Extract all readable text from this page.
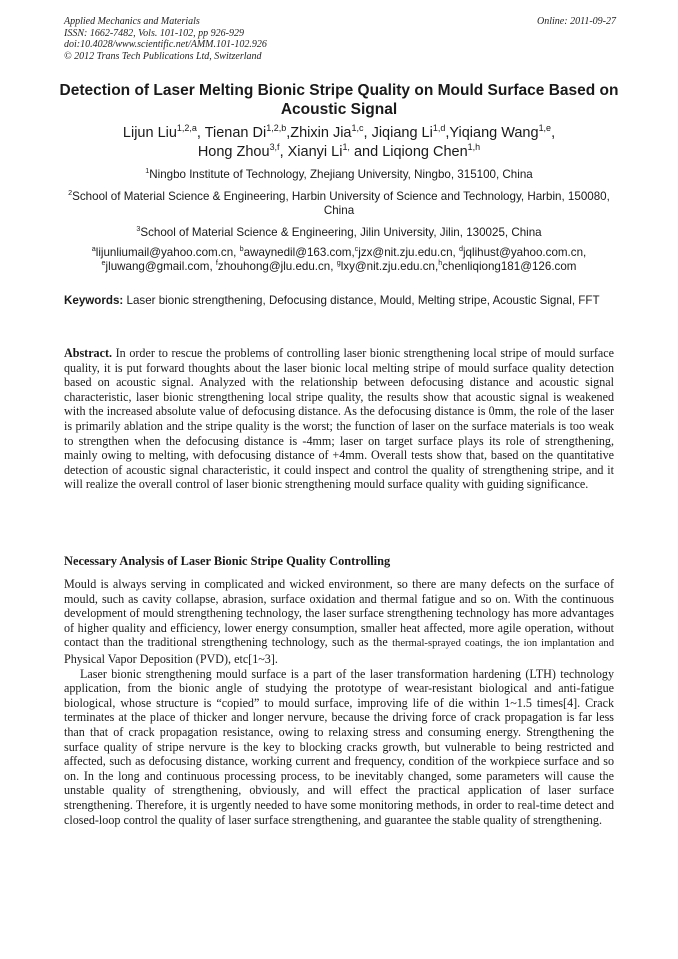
Applied Mechanics and Materials
ISSN: 1662-7482, Vols. 101-102, pp 926-929
doi:10.4028/www.scientific.net/AMM.101-102.926
© 2012 Trans Tech Publications Ltd, Switzerland
Online: 2011-09-27
Detection of Laser Melting Bionic Stripe Quality on Mould Surface Based on Acoustic Signal
Lijun Liu$^{1,2,a}$, Tienan Di$^{1,2,b}$,Zhixin Jia$^{1,c}$, Jiqiang Li$^{1,d}$,Yiqiang Wang$^{1,e}$,
Hong Zhou$^{3,f}$, Xianyi $Li^{1,}$ and Liqiong Chen$^{1,h}$
$^1$Ningbo Institute of Technology, Zhejiang University, Ningbo, 315100, China
$^2$School of Material Science & Engineering, Harbin University of Science and Technology, Harbin, 150080, China
$^3$School of Material Science & Engineering, Jilin University, Jilin, 130025, China
$^a$lijunliumail@yahoo.com.cn, $^b$awaynedil@163.com,$^c$jzx@nit.zju.edu.cn, $^d$jqlihust@yahoo.com.cn,
$^e$jluwang@gmail.com, $^f$zhouhong@jlu.edu.cn, $^g$lxy@nit.zju.edu.cn,$^h$chenliqiong181@126.com
Keywords: Laser bionic strengthening, Defocusing distance, Mould, Melting stripe, Acoustic Signal, FFT
Abstract. In order to rescue the problems of controlling laser bionic strengthening local stripe of mould surface quality, it is put forward thoughts about the laser bionic local melting stripe of mould surface quality detection based on acoustic signal. Analyzed with the relationship between defocusing distance and acoustic signal characteristic, laser bionic strengthening local stripe quality, the results show that acoustic signal is weakened with the increased absolute value of defocusing distance. As the defocusing distance is 0mm, the role of the laser is primarily ablation and the stripe quality is the worst; the function of laser on the surface materials is too weak to strengthen when the defocusing distance is -4mm; laser on target surface plays its role of strengthening, mainly owing to melting, with defocusing distance of +4mm. Overall tests show that, based on the quantitative detection of acoustic signal characteristic, it could inspect and control the quality of strengthening stripe, and it will realize the overall control of laser bionic strengthening mould surface quality with guiding significance.
Necessary Analysis of Laser Bionic Stripe Quality Controlling

Mould is always serving in complicated and wicked environment, so there are many defects on the surface of mould, such as cavity collapse, abrasion, surface oxidation and thermal fatigue and so on. With the continuous development of mould strengthening technology, the laser surface strengthening technology has more advantages of higher quality and efficiency, lower energy consumption, smaller heat affected, more agile operation, without contact than the traditional strengthening technology, such as the thermal-sprayed coatings, the ion implantation and Physical Vapor Deposition (PVD), etc[1~3].

Laser bionic strengthening mould surface is a part of the laser transformation hardening (LTH) technology application, from the bionic angle of studying the prototype of wear-resistant biological and anti-fatigue biological, whose structure is “copied” to mould surface, improving life of die within 1~1.5 times[4]. Crack terminates at the place of thicker and longer nervure, because the driving force of crack propagation is far less than that of crack propagation resistance, owing to relaxing stress and consuming energy. Strengthening the surface quality of stripe nervure is the key to blocking cracks growth, but vulnerable to being restricted and affected, such as defocusing distance, working current and frequency, condition of the workpiece surface and so on. In the long and continuous processing process, to be inevitably changed, some parameters will cause the unstable quality of strengthening, obviously, and will effect the practical application of laser surface strengthening. Therefore, it is urgently needed to have some monitoring methods, in order to real-time detect and closed-loop control the quality of laser surface strengthening, and guarantee the stable quality of strengthening.
